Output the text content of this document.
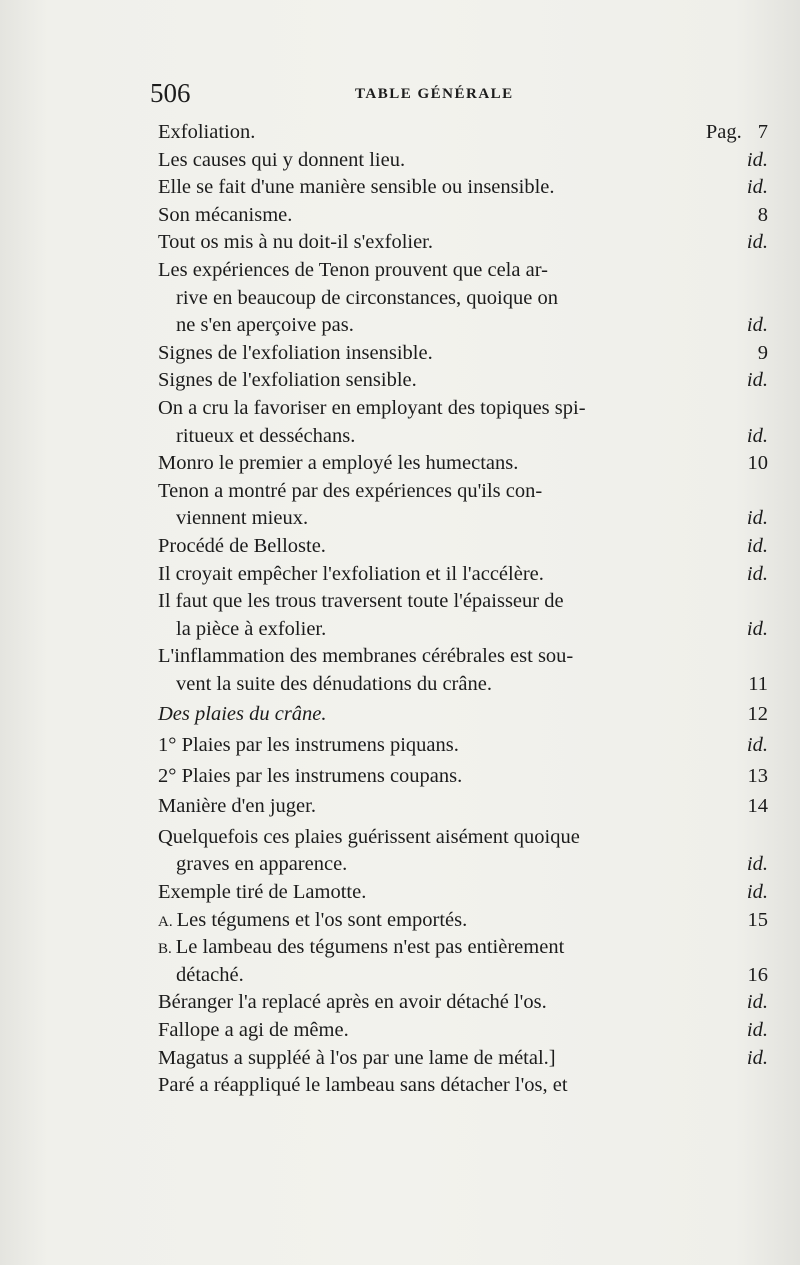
506	TABLE GÉNÉRALE
Exfoliation.	Pag. 7
Les causes qui y donnent lieu.	id.
Elle se fait d'une manière sensible ou insensible.	id.
Son mécanisme.	8
Tout os mis à nu doit-il s'exfolier.	id.
Les expériences de Tenon prouvent que cela ar-
rive en beaucoup de circonstances, quoique on
ne s'en aperçoive pas.	id.
Signes de l'exfoliation insensible.	9
Signes de l'exfoliation sensible.	id.
On a cru la favoriser en employant des topiques spi-
ritueux et desséchans.	id.
Monro le premier a employé les humectans.	10
Tenon a montré par des expériences qu'ils con-
viennent mieux.	id.
Procédé de Belloste.	id.
Il croyait empêcher l'exfoliation et il l'accélère.	id.
Il faut que les trous traversent toute l'épaisseur de
la pièce à exfolier.	id.
L'inflammation des membranes cérébrales est sou-
vent la suite des dénudations du crâne.	11
Des plaies du crâne.	12
1° Plaies par les instrumens piquans.	id.
2° Plaies par les instrumens coupans.	13
Manière d'en juger.	14
Quelquefois ces plaies guérissent aisément quoique
graves en apparence.	id.
Exemple tiré de Lamotte.	id.
A. Les tégumens et l'os sont emportés.	15
B. Le lambeau des tégumens n'est pas entièrement
détaché.	16
Béranger l'a replacé après en avoir détaché l'os.	id.
Fallope a agi de même.	id.
Magatus a suppléé à l'os par une lame de métal.]	id.
Paré a réappliqué le lambeau sans détacher l'os, et
